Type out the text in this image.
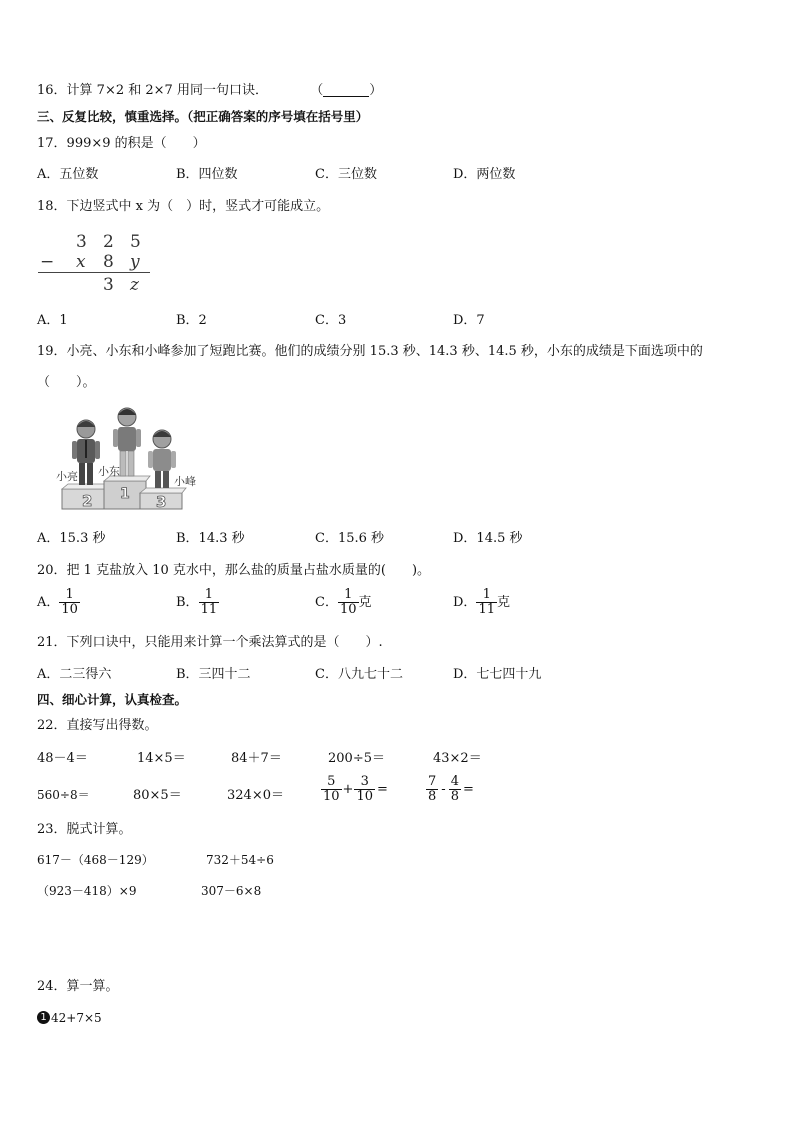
16．计算 7×2 和 2×7 用同一句口诀．	（	）
三、反复比较，慎重选择。（把正确答案的序号填在括号里）
17．999×9 的积是（　　）
A．五位数	B．四位数	C．三位数	D．两位数
18．下边竖式中 x 为（　）时，竖式才可能成立。
3 2 5
− x 8 y
3 z
A．1	B．2	C．3	D．7
19．小亮、小东和小峰参加了短跑比赛。他们的成绩分别 15.3 秒、14.3 秒、14.5 秒，小东的成绩是下面选项中的
（　　）。
2 1 3
小亮 小东
小峰
A．15.3 秒	B．14.3 秒	C．15.6 秒	D．14.5 秒
20．把 1 克盐放入 10 克水中，那么盐的质量占盐水质量的(　　)。
A． $\frac{1}{10}$	B． $\frac{1}{11}$	C． $\frac{1}{10}$ 克	D． $\frac{1}{11}$ 克
21．下列口诀中，只能用来计算一个乘法算式的是（　　）.
A．二三得六	B．三四十二	C．八九七十二	D．七七四十九
四、细心计算，认真检查。
22．直接写出得数。
48－4＝	14×5＝	84＋7＝	200÷5＝	43×2＝
560÷8＝	80×5＝	324×0＝	$\frac{5}{10} + \frac{3}{10}$ =	$\frac{7}{8} - \frac{4}{8}$ =
23．脱式计算。
617－（468－129）	732＋54÷6
（923－418）×9	307－6×8
24．算一算。
1 42+7×5
